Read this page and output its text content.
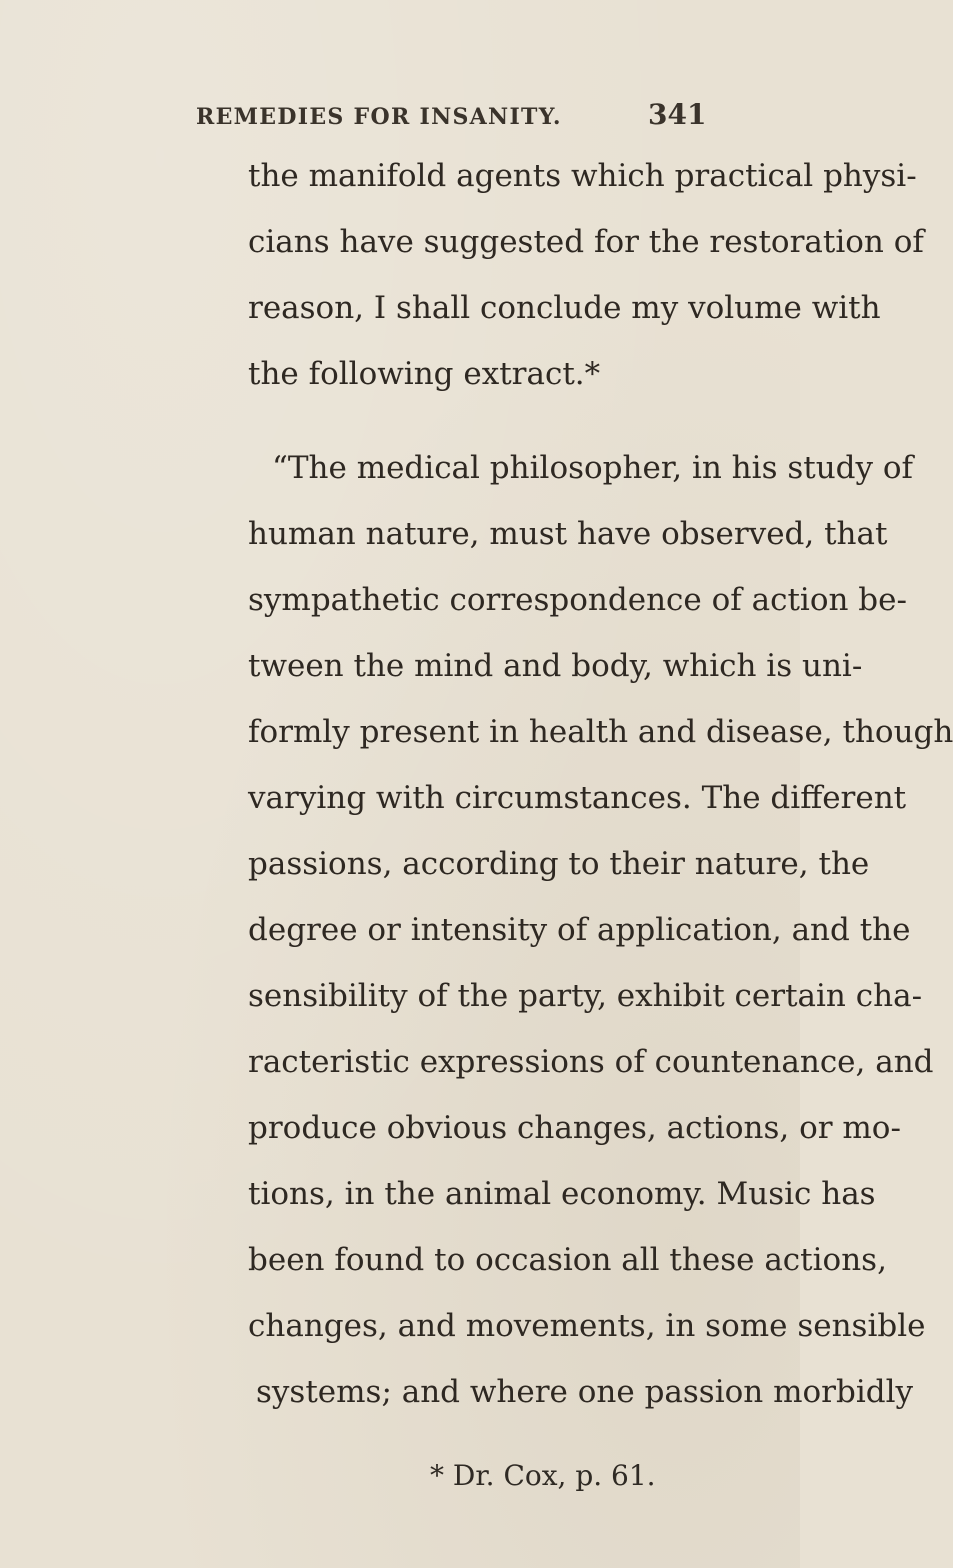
REMEDIES FOR INSANITY.	341
the manifold agents which practical physi-
cians have suggested for the restoration of
reason, I shall conclude my volume with
the following extract.*
“The medical philosopher, in his study of
human nature, must have observed, that
sympathetic correspondence of action be-
tween the mind and body, which is uni-
formly present in health and disease, though
varying with circumstances. The different
passions, according to their nature, the
degree or intensity of application, and the
sensibility of the party, exhibit certain cha-
racteristic expressions of countenance, and
produce obvious changes, actions, or mo-
tions, in the animal economy. Music has
been found to occasion all these actions,
changes, and movements, in some sensible
systems; and where one passion morbidly
* Dr. Cox, p. 61.
